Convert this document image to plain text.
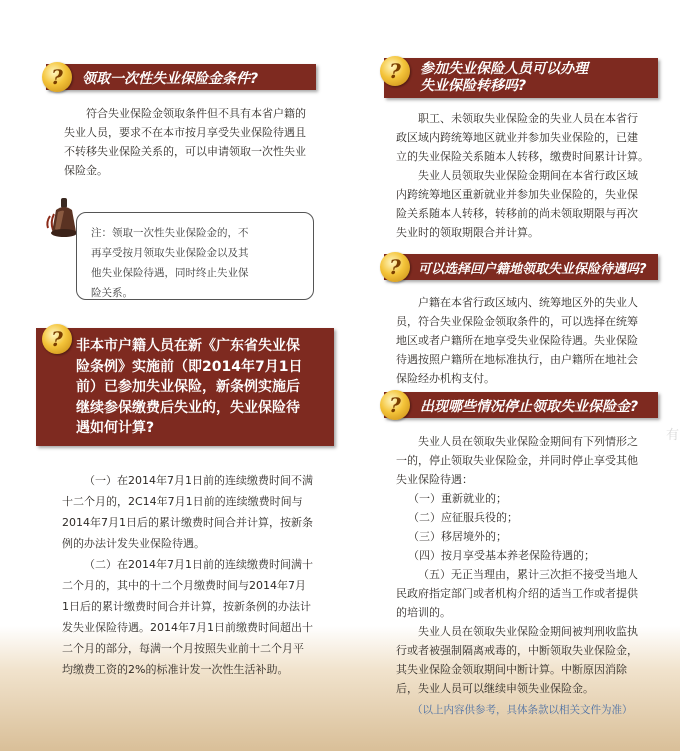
领取一次性失业保险金条件?
?

符合失业保险金领取条件但不具有本省户籍的

失业人员，要求不在本市按月享受失业保险待遇且

不转移失业保险关系的，可以申请领取一次性失业

保险金。

注：领取一次性失业保险金的，不
再享受按月领取失业保险金以及其
他失业保险待遇，同时终止失业保
险关系。
非本市户籍人员在新《广东省失业保
险条例》实施前（即2014年7月1日
前）已参加失业保险，新条例实施后
继续参保缴费后失业的，失业保险待
遇如何计算?
?

（一）在2014年7月1日前的连续缴费时间不满

十二个月的，2C14年7月1日前的连续缴费时间与

2014年7月1日后的累计缴费时间合并计算，按新条

例的办法计发失业保险待遇。

（二）在2014年7月1日前的连续缴费时间满十

二个月的，其中的十二个月缴费时间与2014年7月

1日后的累计缴费时间合并计算，按新条例的办法计

发失业保险待遇。2014年7月1日前缴费时间超出十

二个月的部分，每满一个月按照失业前十二个月平

均缴费工资的2%的标准计发一次性生活补助。

参加失业保险人员可以办理
失业保险转移吗?
?

职工、未领取失业保险金的失业人员在本省行

政区域内跨统筹地区就业并参加失业保险的，已建

立的失业保险关系随本人转移，缴费时间累计计算。

失业人员领取失业保险金期间在本省行政区域

内跨统筹地区重新就业并参加失业保险的，失业保

险关系随本人转移，转移前的尚未领取期限与再次

失业时的领取期限合并计算。

可以选择回户籍地领取失业保险待遇吗?
?

户籍在本省行政区域内、统筹地区外的失业人

员，符合失业保险金领取条件的，可以选择在统筹

地区或者户籍所在地享受失业保险待遇。失业保险

待遇按照户籍所在地标准执行，由户籍所在地社会

保险经办机构支付。

出现哪些情况停止领取失业保险金?
?

失业人员在领取失业保险金期间有下列情形之

一的，停止领取失业保险金，并同时停止享受其他

失业保险待遇：

（一）重新就业的；
（二）应征服兵役的；
（三）移居境外的；
（四）按月享受基本养老保险待遇的；

（五）无正当理由，累计三次拒不接受当地人

民政府指定部门或者机构介绍的适当工作或者提供

的培训的。

失业人员在领取失业保险金期间被判刑收监执

行或者被强制隔离戒毒的，中断领取失业保险金，

其失业保险金领取期间中断计算。中断原因消除

后，失业人员可以继续申领失业保险金。

（以上内容供参考，具体条款以相关文件为准）
有
